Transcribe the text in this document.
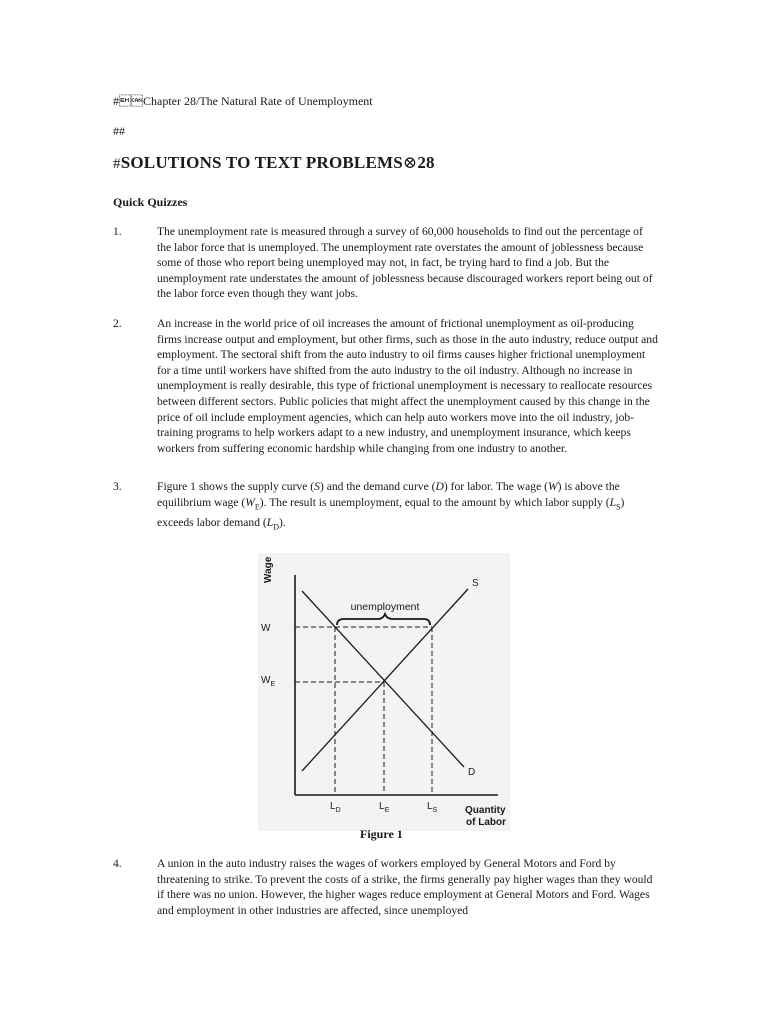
#Chapter 28/The Natural Rate of Unemployment
##
#SOLUTIONS TO TEXT PROBLEMS⊗28
Quick Quizzes
1.	The unemployment rate is measured through a survey of 60,000 households to find out the percentage of the labor force that is unemployed. The unemployment rate overstates the amount of joblessness because some of those who report being unemployed may not, in fact, be trying hard to find a job. But the unemployment rate understates the amount of joblessness because discouraged workers report being out of the labor force even though they want jobs.
2.	An increase in the world price of oil increases the amount of frictional unemployment as oil-producing firms increase output and employment, but other firms, such as those in the auto industry, reduce output and employment. The sectoral shift from the auto industry to oil firms causes higher frictional unemployment for a time until workers have shifted from the auto industry to the oil industry. Although no increase in unemployment is really desirable, this type of frictional unemployment is necessary to reallocate resources between different sectors. Public policies that might affect the unemployment caused by this change in the price of oil include employment agencies, which can help auto workers move into the oil industry, job-training programs to help workers adapt to a new industry, and unemployment insurance, which keeps workers from suffering economic hardship while changing from one industry to another.
3.	Figure 1 shows the supply curve (S) and the demand curve (D) for labor. The wage (W) is above the equilibrium wage $(W_E)$. The result is unemployment, equal to the amount by which labor supply $(L_S)$ exceeds labor demand $(L_D)$.
Wage
unemployment
S
D
W
$W_E$
$L_D$	$L_E$	$L_S$	Quantity
of Labor
Figure 1
4.	A union in the auto industry raises the wages of workers employed by General Motors and Ford by threatening to strike. To prevent the costs of a strike, the firms generally pay higher wages than they would if there was no union. However, the higher wages reduce employment at General Motors and Ford. Wages and employment in other industries are affected, since unemployed
